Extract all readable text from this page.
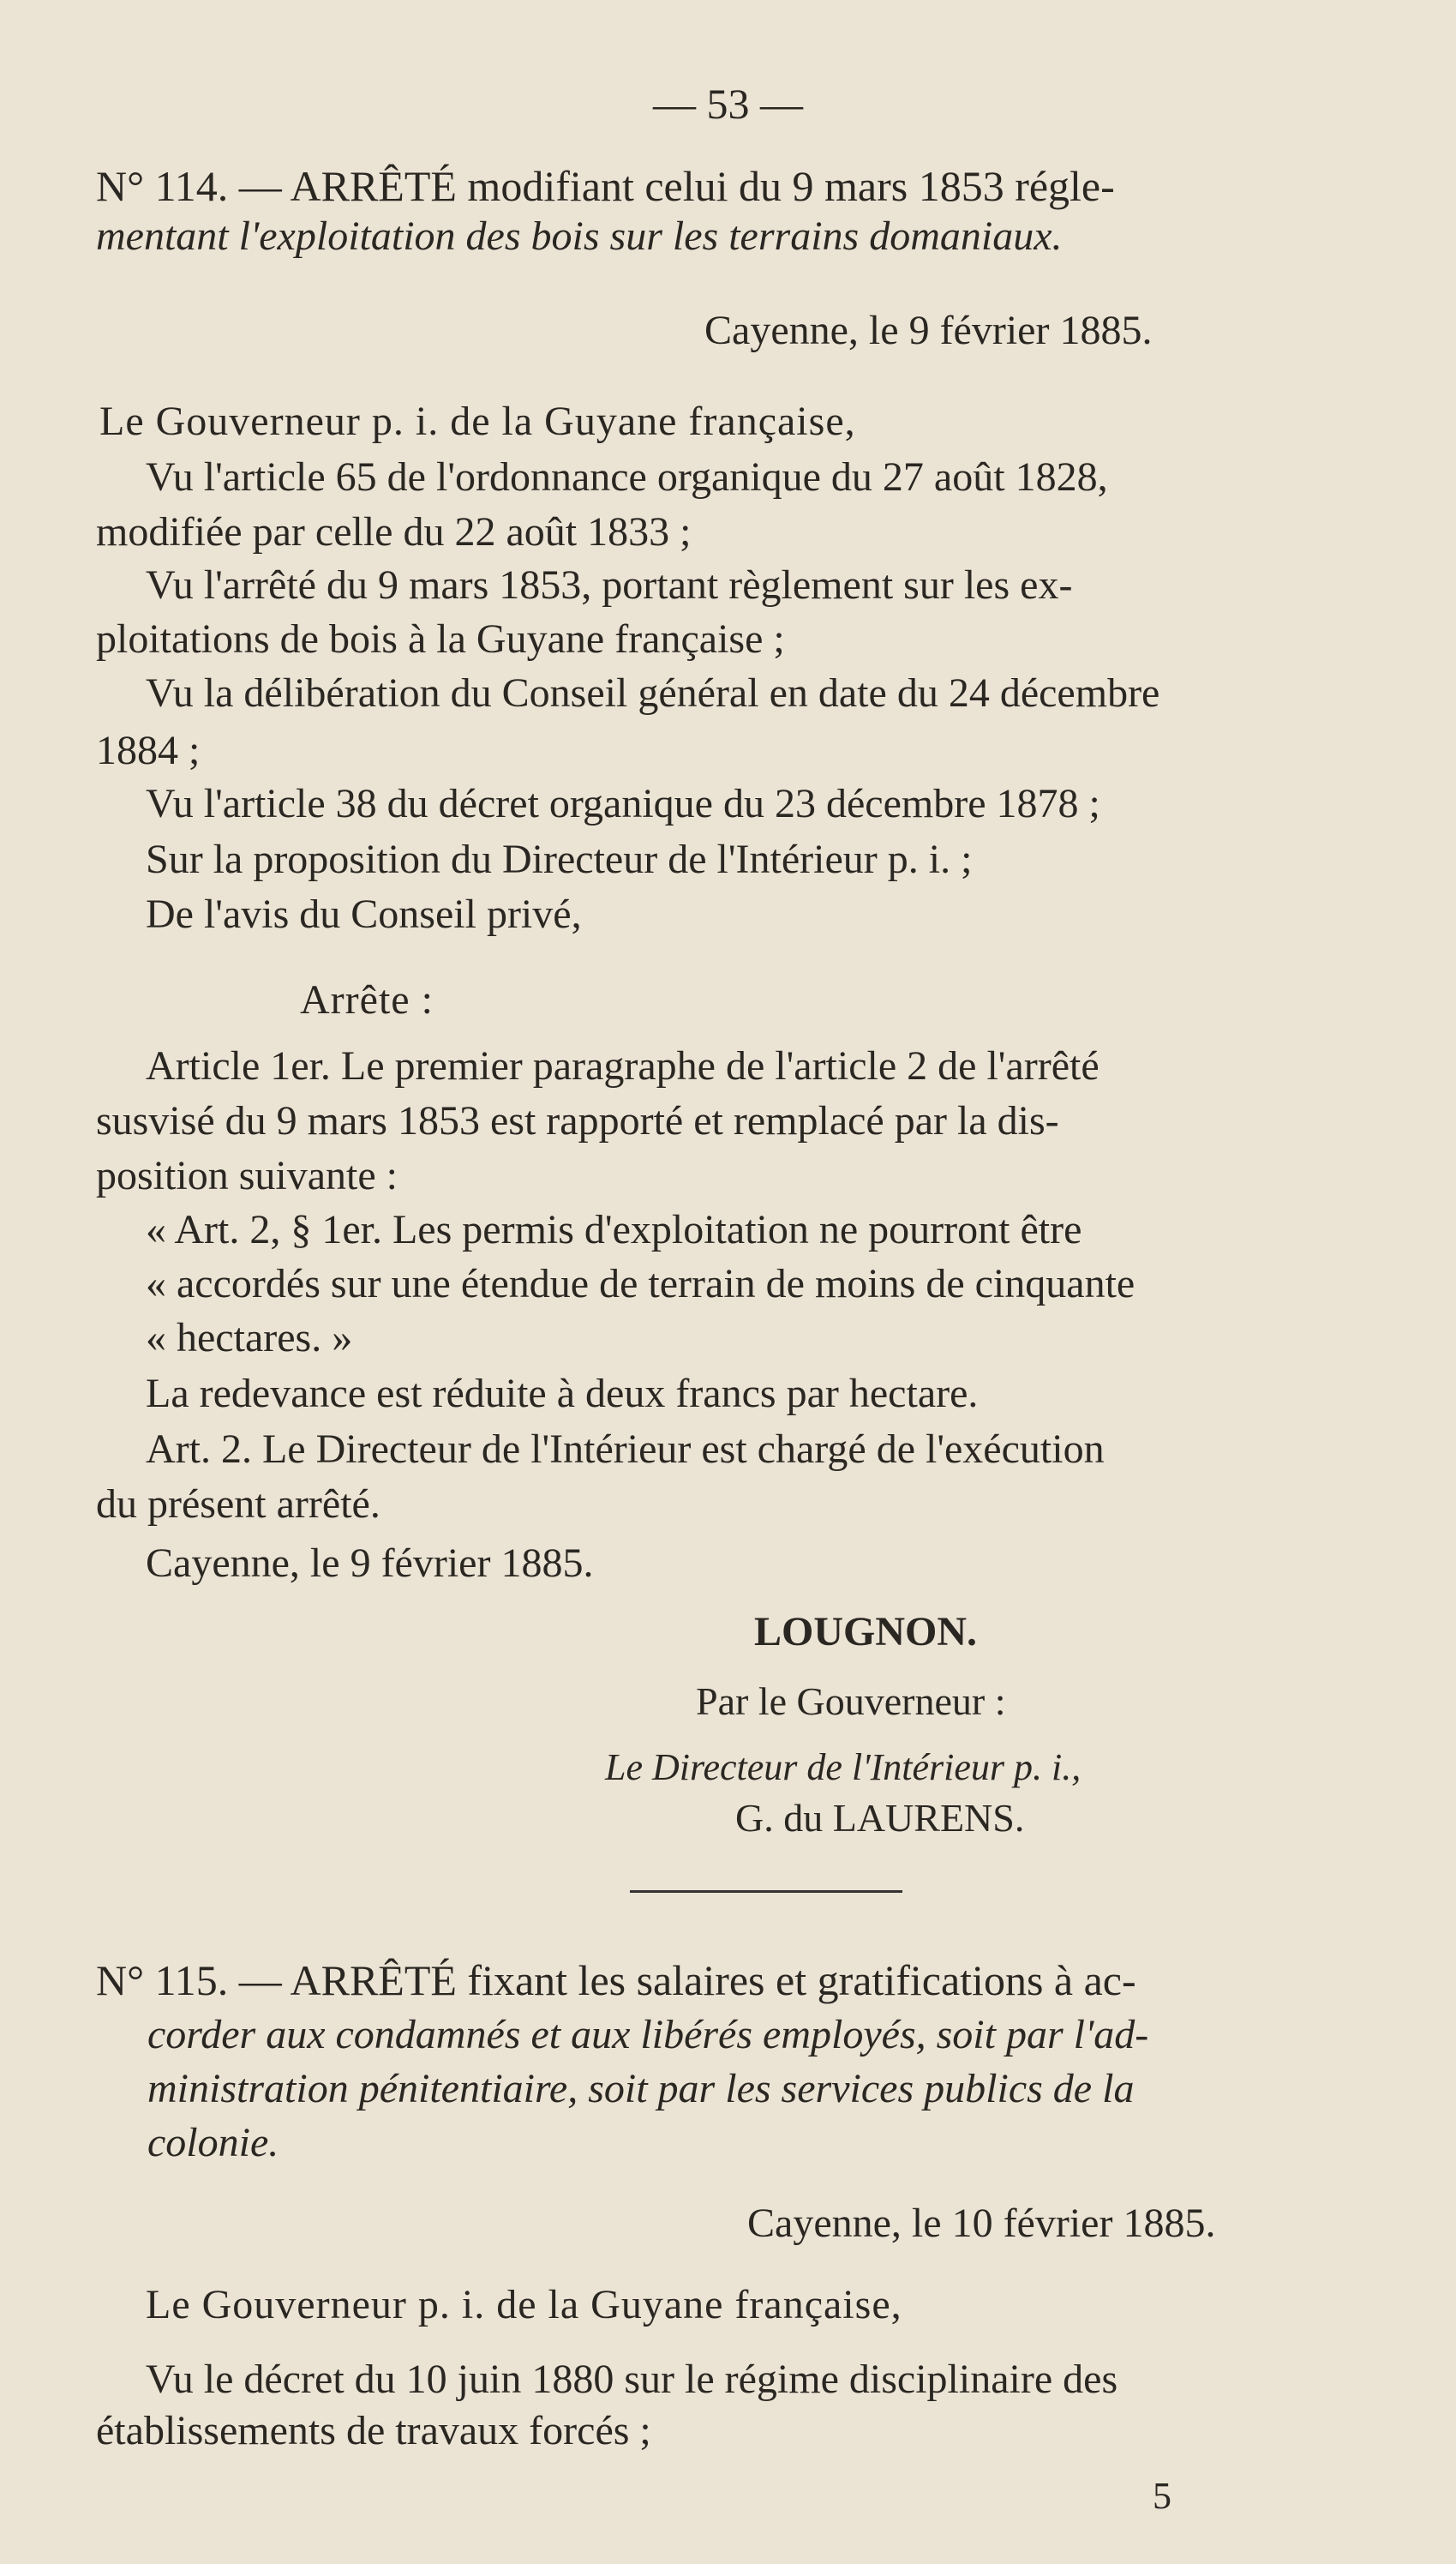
— 53 —
N° 114. — ARRÊTÉ modifiant celui du 9 mars 1853 régle-
mentant l'exploitation des bois sur les terrains domaniaux.
Cayenne, le 9 février 1885.
Le Gouverneur p. i. de la Guyane française,
Vu l'article 65 de l'ordonnance organique du 27 août 1828,
modifiée par celle du 22 août 1833 ;
Vu l'arrêté du 9 mars 1853, portant règlement sur les ex-
ploitations de bois à la Guyane française ;
Vu la délibération du Conseil général en date du 24 décembre
1884 ;
Vu l'article 38 du décret organique du 23 décembre 1878 ;
Sur la proposition du Directeur de l'Intérieur p. i. ;
De l'avis du Conseil privé,
Arrête :
Article 1er. Le premier paragraphe de l'article 2 de l'arrêté
susvisé du 9 mars 1853 est rapporté et remplacé par la dis-
position suivante :
« Art. 2, § 1er. Les permis d'exploitation ne pourront être
« accordés sur une étendue de terrain de moins de cinquante
« hectares. »
La redevance est réduite à deux francs par hectare.
Art. 2. Le Directeur de l'Intérieur est chargé de l'exécution
du présent arrêté.
Cayenne, le 9 février 1885.
LOUGNON.
Par le Gouverneur :
Le Directeur de l'Intérieur p. i.,
G. du LAURENS.
N° 115. — ARRÊTÉ fixant les salaires et gratifications à ac-
corder aux condamnés et aux libérés employés, soit par l'ad-
ministration pénitentiaire, soit par les services publics de la
colonie.
Cayenne, le 10 février 1885.
Le Gouverneur p. i. de la Guyane française,
Vu le décret du 10 juin 1880 sur le régime disciplinaire des
établissements de travaux forcés ;
5
